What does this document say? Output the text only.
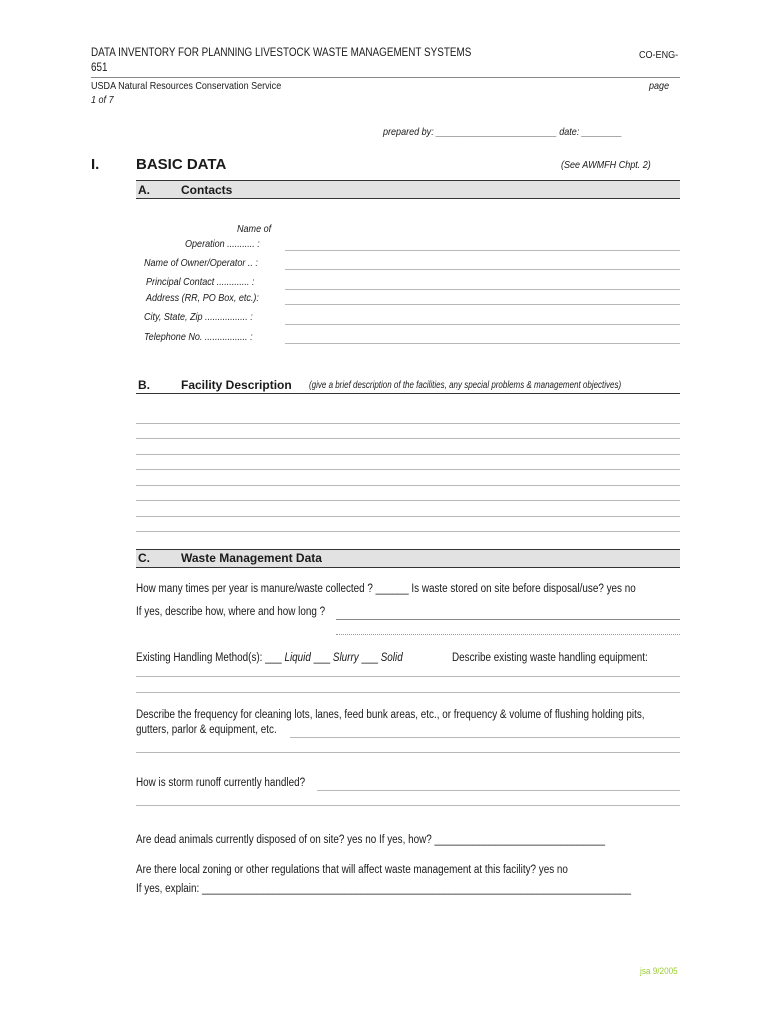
DATA INVENTORY FOR PLANNING LIVESTOCK WASTE MANAGEMENT SYSTEMS	CO-ENG-
651
USDA Natural Resources Conservation Service	page
1 of 7
prepared by: ________________________ date: ________
I. BASIC DATA	(See AWMFH Chpt. 2)
A.	Contacts
Name of
Operation ........... :
Name of Owner/Operator .. :
Principal Contact ............. :
Address (RR, PO Box, etc.):
City, State, Zip ................. :
Telephone No. ................. :
B.	Facility Description (give a brief description of the facilities, any special problems & management objectives)
C.	Waste Management Data
How many times per year is manure/waste collected ? ______ Is waste stored on site before disposal/use? yes no
If yes, describe how, where and how long ?
Existing Handling Method(s): ___ Liquid ___ Slurry ___ Solid	Describe existing waste handling equipment:
Describe the frequency for cleaning lots, lanes, feed bunk areas, etc., or frequency & volume of flushing holding pits,
gutters, parlor & equipment, etc.
How is storm runoff currently handled?
Are dead animals currently disposed of on site? yes no If yes, how? _______________________________
Are there local zoning or other regulations that will affect waste management at this facility? yes no
If yes, explain: ______________________________________________________________________________
jsa 9/2005
